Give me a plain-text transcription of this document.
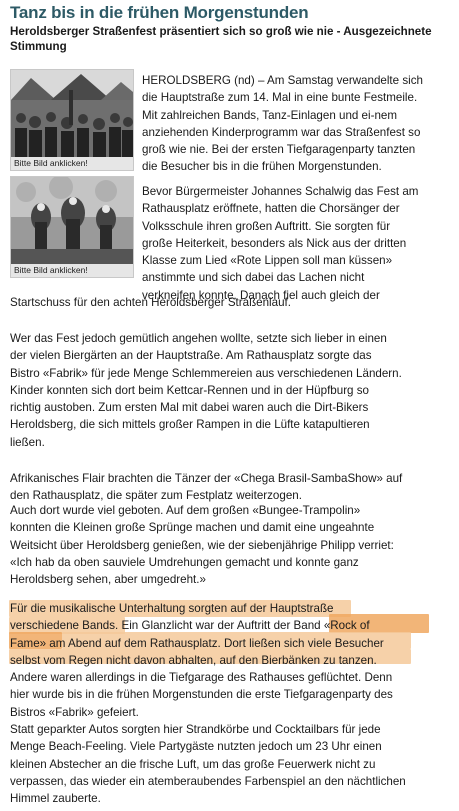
Tanz bis in die frühen Morgenstunden
Heroldsberger Straßenfest präsentiert sich so groß wie nie - Ausgezeichnete Stimmung
Bitte Bild anklicken!
Bitte Bild anklicken!
HEROLDSBERG (nd) – Am Samstag verwandelte sich
die Hauptstraße zum 14. Mal in eine bunte Festmeile.
Mit zahlreichen Bands, Tanz-Einlagen und ei-nem
anziehenden Kinderprogramm war das Straßenfest so
groß wie nie. Bei der ersten Tiefgaragenparty tanzten
die Besucher bis in die frühen Morgenstunden.
Bevor Bürgermeister Johannes Schalwig das Fest am
Rathausplatz eröffnete, hatten die Chorsänger der
Volksschule ihren großen Auftritt. Sie sorgten für
große Heiterkeit, besonders als Nick aus der dritten
Klasse zum Lied «Rote Lippen soll man küssen»
anstimmte und sich dabei das Lachen nicht
verkneifen konnte. Danach fiel auch gleich der
Startschuss für den achten Heroldsberger Straßenlauf.
Wer das Fest jedoch gemütlich angehen wollte, setzte sich lieber in einen
der vielen Biergärten an der Hauptstraße. Am Rathausplatz sorgte das
Bistro «Fabrik» für jede Menge Schlemmereien aus verschiedenen Ländern.
Kinder konnten sich dort beim Kettcar-Rennen und in der Hüpfburg so
richtig austoben. Zum ersten Mal mit dabei waren auch die Dirt-Bikers
Heroldsberg, die sich mittels großer Rampen in die Lüfte katapultieren
ließen.
Afrikanisches Flair brachten die Tänzer der «Chega Brasil-SambaShow» auf
den Rathausplatz, die später zum Festplatz weiterzogen.
Auch dort wurde viel geboten. Auf dem großen «Bungee-Trampolin»
konnten die Kleinen große Sprünge machen und damit eine ungeahnte
Weitsicht über Heroldsberg genießen, wie der siebenjährige Philipp verriet:
«Ich hab da oben sauviele Umdrehungen gemacht und konnte ganz
Heroldsberg sehen, aber umgedreht.»
Für die musikalische Unterhaltung sorgten auf der Hauptstraße
verschiedene Bands. Ein Glanzlicht war der Auftritt der Band «Rock of
Fame» am Abend auf dem Rathausplatz. Dort ließen sich viele Besucher
selbst vom Regen nicht davon abhalten, auf den Bierbänken zu tanzen.
Andere waren allerdings in die Tiefgarage des Rathauses geflüchtet. Denn
hier wurde bis in die frühen Morgenstunden die erste Tiefgaragenparty des
Bistros «Fabrik» gefeiert.
Statt geparkter Autos sorgten hier Strandkörbe und Cocktailbars für jede
Menge Beach-Feeling. Viele Partygäste nutzten jedoch um 23 Uhr einen
kleinen Abstecher an die frische Luft, um das große Feuerwerk nicht zu
verpassen, das wieder ein atemberaubendes Farbenspiel an den nächtlichen
Himmel zauberte.
